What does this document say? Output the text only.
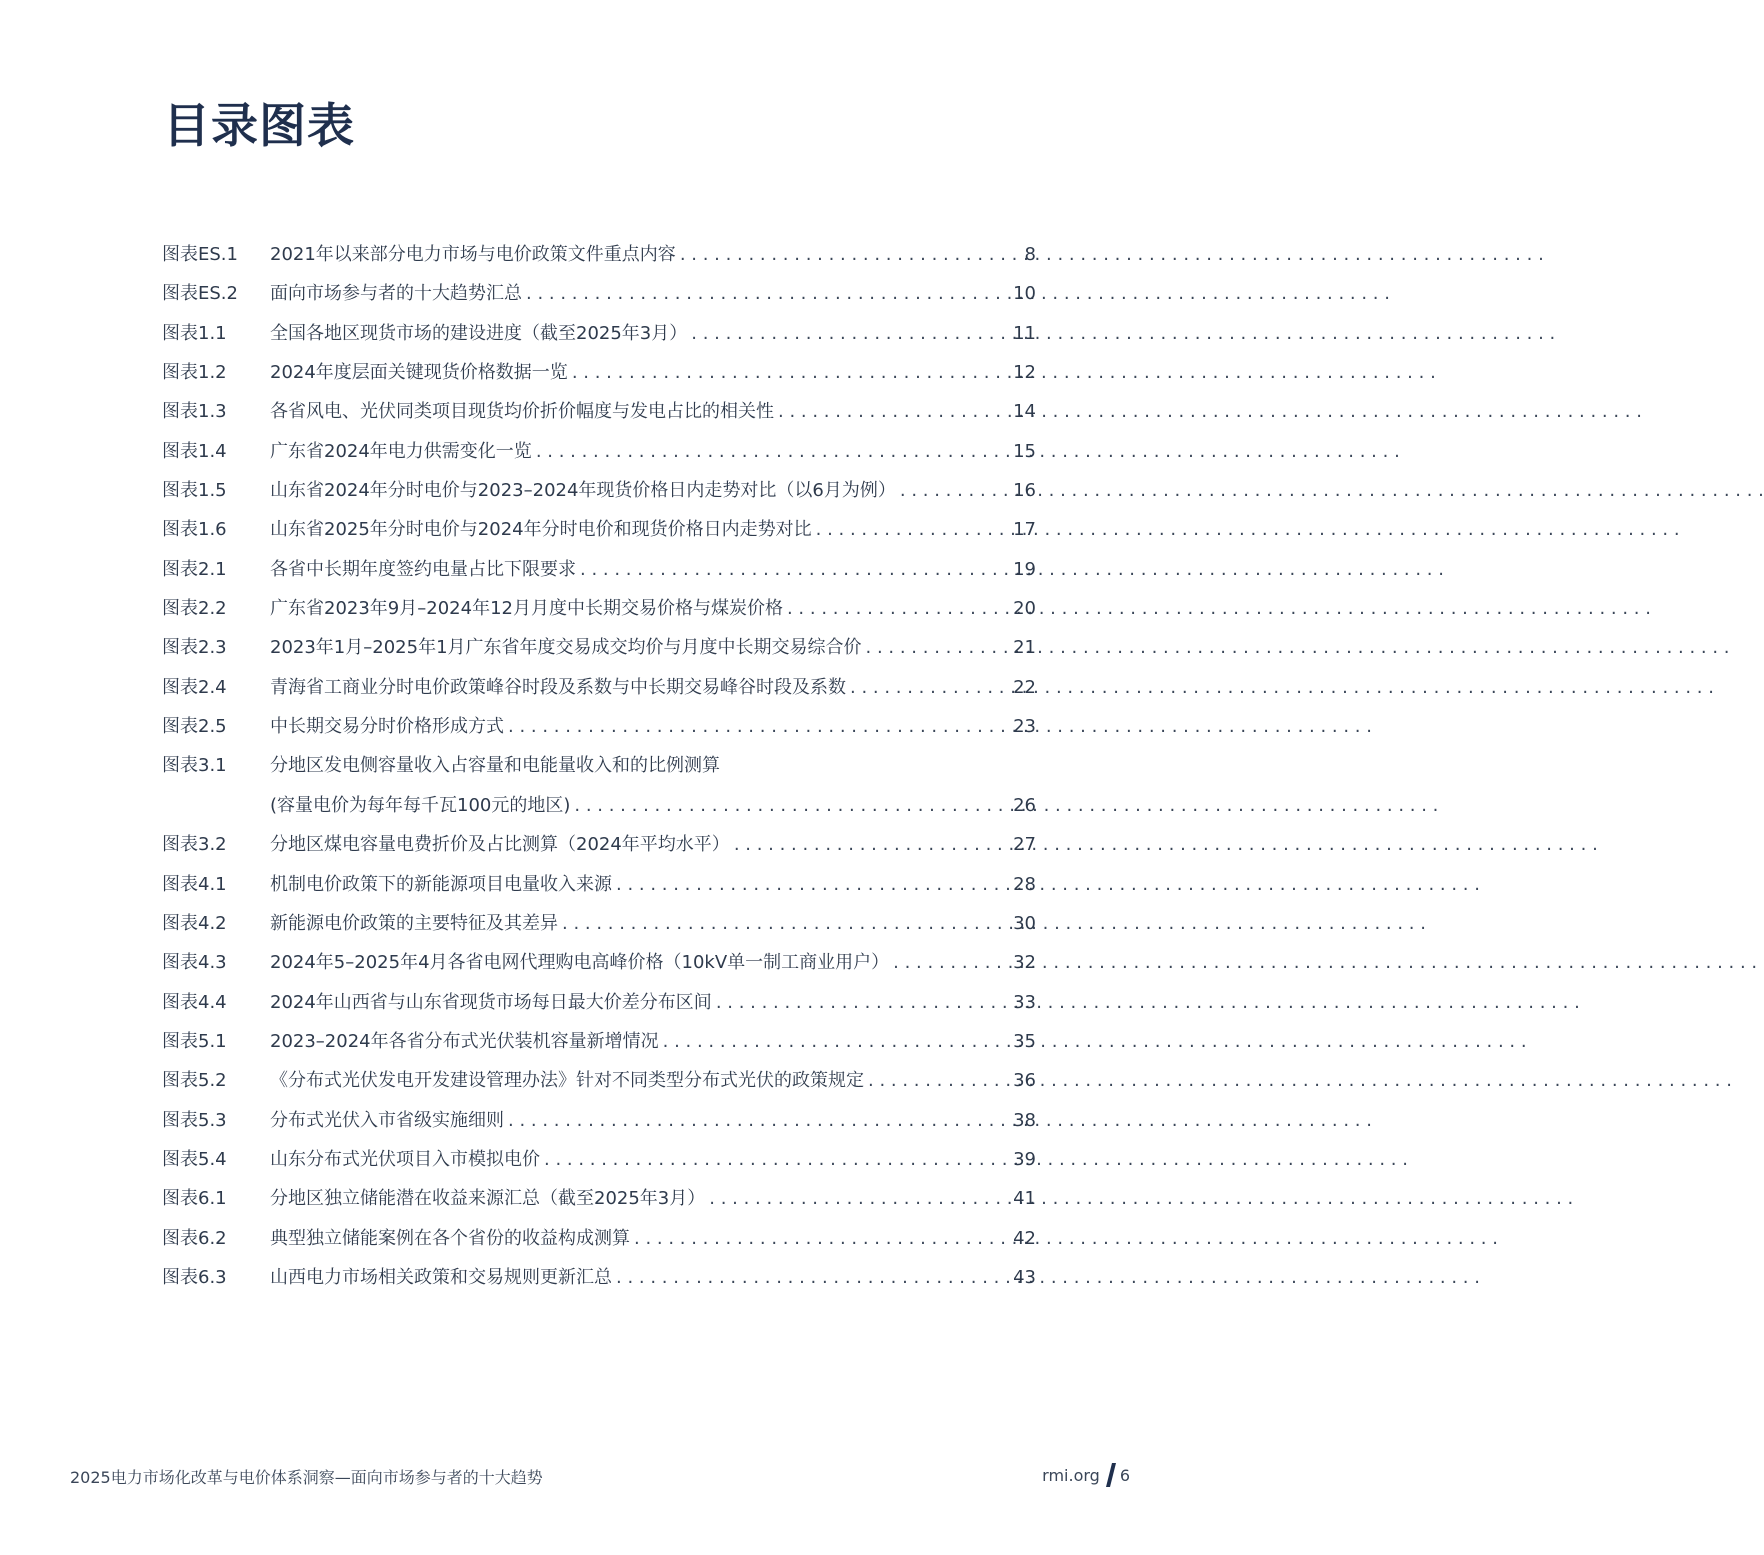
目录图表
图表ES.1	2021年以来部分电力市场与电价政策文件重点内容 . . .	8
图表ES.2	面向市场参与者的十大趋势汇总 . . .	10
图表1.1	全国各地区现货市场的建设进度（截至2025年3月） . . .	11
图表1.2	2024年度层面关键现货价格数据一览 . . .	12
图表1.3	各省风电、光伏同类项目现货均价折价幅度与发电占比的相关性 . . .	14
图表1.4	广东省2024年电力供需变化一览 . . .	15
图表1.5	山东省2024年分时电价与2023–2024年现货价格日内走势对比（以6月为例） . . .	16
图表1.6	山东省2025年分时电价与2024年分时电价和现货价格日内走势对比 . . .	17
图表2.1	各省中长期年度签约电量占比下限要求 . . .	19
图表2.2	广东省2023年9月–2024年12月月度中长期交易价格与煤炭价格 . . .	20
图表2.3	2023年1月–2025年1月广东省年度交易成交均价与月度中长期交易综合价 . . .	21
图表2.4	青海省工商业分时电价政策峰谷时段及系数与中长期交易峰谷时段及系数 . . .	22
图表2.5	中长期交易分时价格形成方式 . . .	23
图表3.1	分地区发电侧容量收入占容量和电能量收入和的比例测算
(容量电价为每年每千瓦100元的地区) . . .	26
图表3.2	分地区煤电容量电费折价及占比测算（2024年平均水平） . . .	27
图表4.1	机制电价政策下的新能源项目电量收入来源 . . .	28
图表4.2	新能源电价政策的主要特征及其差异 . . .	30
图表4.3	2024年5–2025年4月各省电网代理购电高峰价格（10kV单一制工商业用户） . . .	32
图表4.4	2024年山西省与山东省现货市场每日最大价差分布区间 . . .	33
图表5.1	2023–2024年各省分布式光伏装机容量新增情况 . . .	35
图表5.2	《分布式光伏发电开发建设管理办法》针对不同类型分布式光伏的政策规定 . . .	36
图表5.3	分布式光伏入市省级实施细则 . . .	38
图表5.4	山东分布式光伏项目入市模拟电价 . . .	39
图表6.1	分地区独立储能潜在收益来源汇总（截至2025年3月） . . .	41
图表6.2	典型独立储能案例在各个省份的收益构成测算 . . .	42
图表6.3	山西电力市场相关政策和交易规则更新汇总 . . .	43

2025电力市场化改革与电价体系洞察—面向市场参与者的十大趋势	rmi.org 6
